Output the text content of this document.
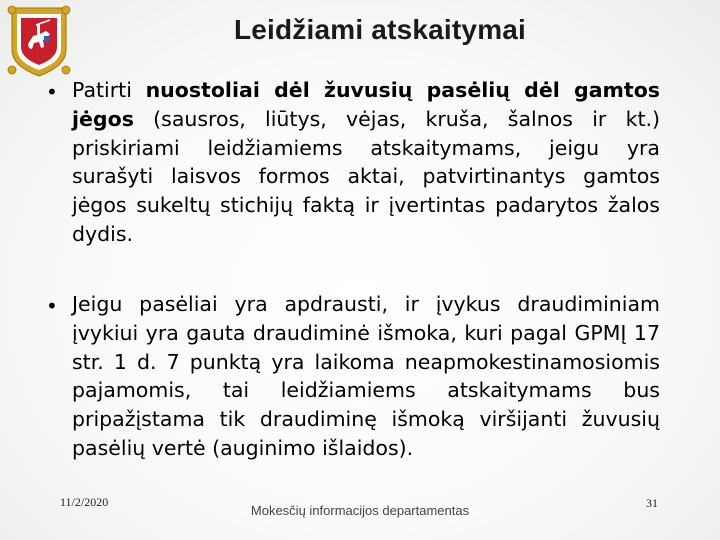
Leidžiami atskaitymai
• Patirti nuostoliai dėl žuvusių pasėlių dėl gamtos jėgos (sausros, liūtys, vėjas, kruša, šalnos ir kt.) priskiriami leidžiamiems atskaitymams, jeigu yra surašyti laisvos formos aktai, patvirtinantys gamtos jėgos sukeltų stichijų faktą ir įvertintas padarytos žalos dydis.
• Jeigu pasėliai yra apdrausti, ir įvykus draudiminiam įvykiui yra gauta draudiminė išmoka, kuri pagal GPMĮ 17 str. 1 d. 7 punktą yra laikoma neapmokestinamosiomis pajamomis, tai leidžiamiems atskaitymams bus pripažįstama tik draudiminę išmoką viršijanti žuvusių pasėlių vertė (auginimo išlaidos).
11/2/2020
Mokesčių informacijos departamentas	31
